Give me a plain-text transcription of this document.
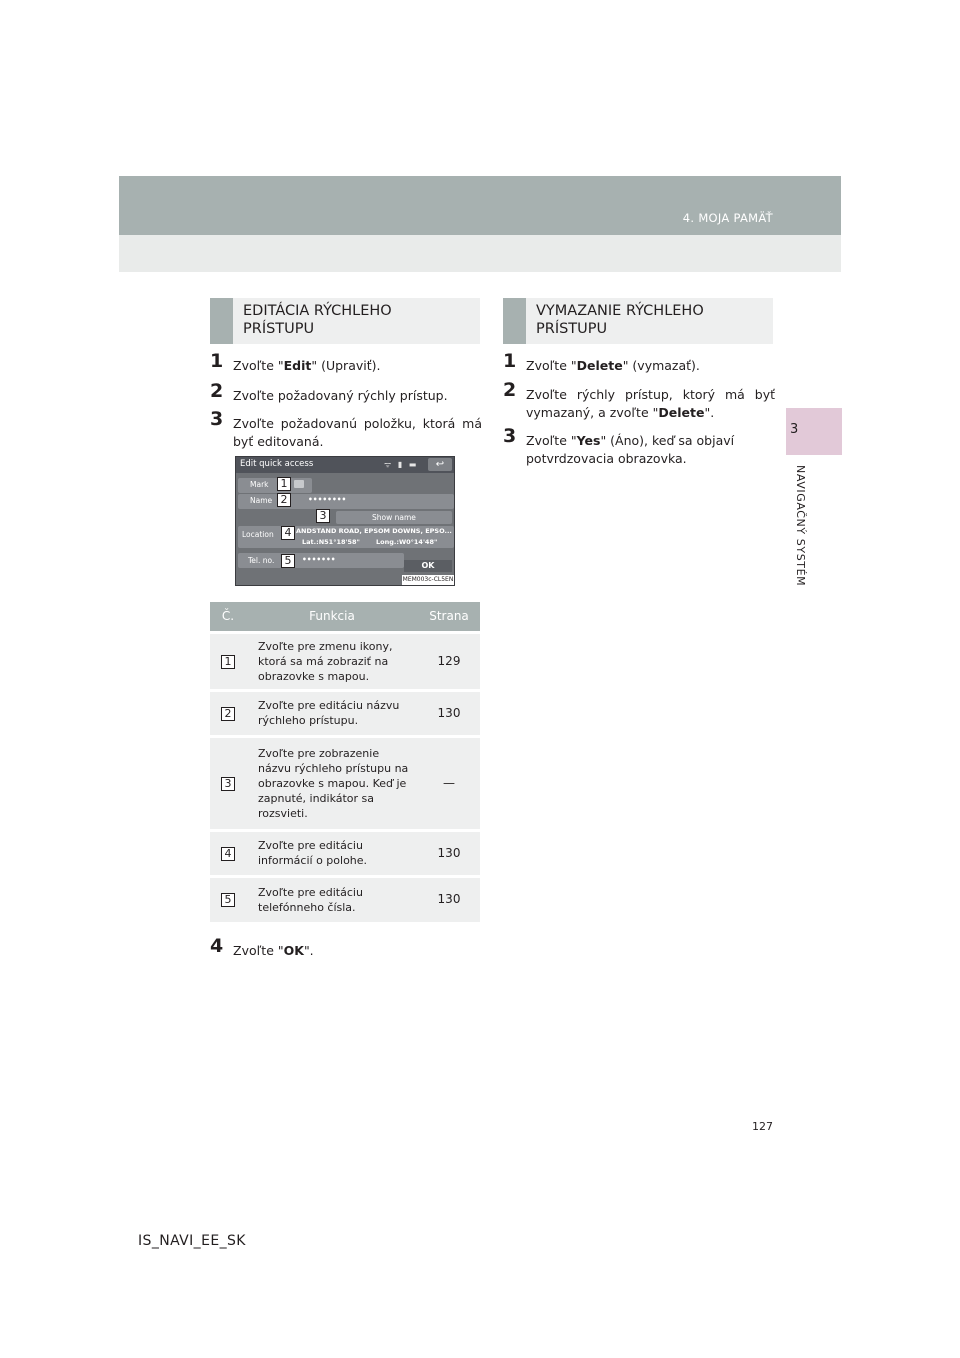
4. MOJA PAMÄŤ
3
NAVIGAČNÝ SYSTÉM
EDITÁCIA RÝCHLEHO
PRÍSTUPU
1 Zvoľte "Edit" (Upraviť).
2 Zvoľte požadovaný rýchly prístup.
3 Zvoľte požadovanú položku, ktorá má byť editovaná.
Edit quick access	ᯤ ▮ ▬	↩
Mark
Name	••••••••
Show name
Location	ANDSTAND ROAD, EPSOM DOWNS, EPSO...
Lat.:N51°18'58" Long.:W0°14'48"
Tel. no.	•••••••
OK
MEM003c-CL5EN
1
2
3
4
5
Č.	Funkcia	Strana
1	Zvoľte pre zmenu ikony, ktorá sa má zobraziť na obrazovke s mapou.	129
2	Zvoľte pre editáciu názvu rýchleho prístupu.	130
3	Zvoľte pre zobrazenie názvu rýchleho prístupu na obrazovke s mapou. Keď je zapnuté, indikátor sa rozsvieti.	—
4	Zvoľte pre editáciu informácií o polohe.	130
5	Zvoľte pre editáciu telefónneho čísla.	130
4 Zvoľte "OK".
VYMAZANIE RÝCHLEHO
PRÍSTUPU
1 Zvoľte "Delete" (vymazať).
2 Zvoľte rýchly prístup, ktorý má byť vymazaný, a zvoľte "Delete".
3 Zvoľte "Yes" (Áno), keď sa objaví potvrdzovacia obrazovka.
127
IS_NAVI_EE_SK
